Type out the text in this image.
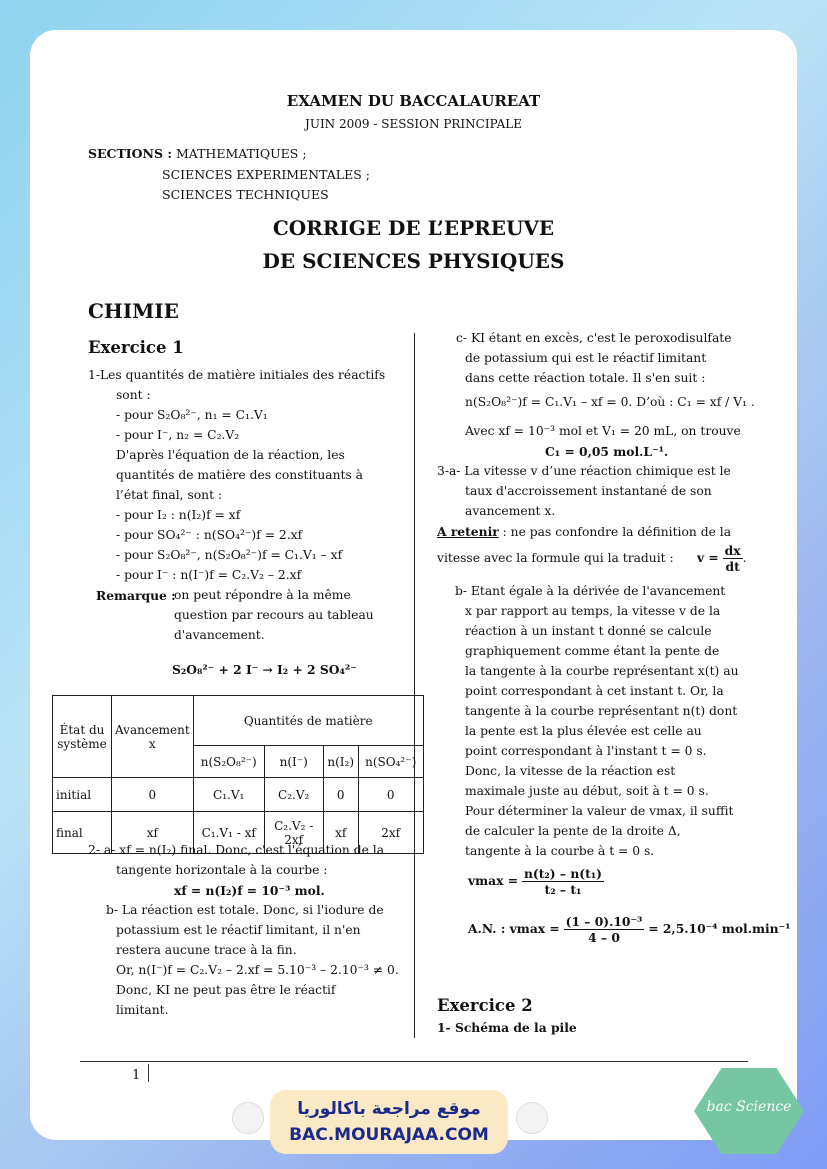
EXAMEN DU BACCALAUREAT
JUIN 2009 - SESSION PRINCIPALE
SECTIONS : MATHEMATIQUES ;
SCIENCES EXPERIMENTALES ;
SCIENCES TECHNIQUES
CORRIGE DE L’EPREUVE
DE SCIENCES PHYSIQUES
CHIMIE
Exercice 1
1-Les quantités de matière initiales des réactifs
sont :
- pour S₂O₈²⁻, n₁ = C₁.V₁
- pour I⁻, n₂ = C₂.V₂
D'après l'équation de la réaction, les
quantités de matière des constituants à
l’état final, sont :
- pour I₂ : n(I₂)f = xf
- pour SO₄²⁻ : n(SO₄²⁻)f = 2.xf
- pour S₂O₈²⁻, n(S₂O₈²⁻)f = C₁.V₁ – xf
- pour I⁻ : n(I⁻)f = C₂.V₂ – 2.xf
Remarque :
on peut répondre à la même
question par recours au tableau
d'avancement.
S₂O₈²⁻ + 2 I⁻ → I₂ + 2 SO₄²⁻
État du système	Avancement x	Quantités de matière			
		n(S₂O₈²⁻)	n(I⁻)	n(I₂)	n(SO₄²⁻)
initial	0	C₁.V₁	C₂.V₂	0	0
final	xf	C₁.V₁ - xf	C₂.V₂ - 2xf	xf	2xf
2- a- xf = n(I₂) final. Donc, c'est l'équation de la
tangente horizontale à la courbe :
xf = n(I₂)f = 10⁻³ mol.
b- La réaction est totale. Donc, si l'iodure de
potassium est le réactif limitant, il n'en
restera aucune trace à la fin.
Or, n(I⁻)f = C₂.V₂ – 2.xf = 5.10⁻³ – 2.10⁻³ ≠ 0.
Donc, KI ne peut pas être le réactif
limitant.
c- KI étant en excès, c'est le peroxodisulfate
de potassium qui est le réactif limitant
dans cette réaction totale. Il s'en suit :
n(S₂O₈²⁻)f = C₁.V₁ – xf = 0. D’où : C₁ = xf / V₁ .
Avec xf = 10⁻³ mol et V₁ = 20 mL, on trouve
C₁ = 0,05 mol.L⁻¹.
3-a- La vitesse v d’une réaction chimique est le
taux d'accroissement instantané de son
avancement x.
A retenir : ne pas confondre la définition de la
vitesse avec la formule qui la traduit : $v = \frac{dx}{dt}$ .
b- Etant égale à la dérivée de l'avancement
x par rapport au temps, la vitesse v de la
réaction à un instant t donné se calcule
graphiquement comme étant la pente de
la tangente à la courbe représentant x(t) au
point correspondant à cet instant t. Or, la
tangente à la courbe représentant n(t) dont
la pente est la plus élevée est celle au
point correspondant à l'instant t = 0 s.
Donc, la vitesse de la réaction est
maximale juste au début, soit à t = 0 s.
Pour déterminer la valeur de vmax, il suffit
de calculer la pente de la droite Δ,
tangente à la courbe à t = 0 s.
$vmax = \frac{\text{n(t₂) – n(t₁)}}{\text{t₂ – t₁}}$
A.N. : $vmax = \frac{\text{(1 – 0).10⁻³}}{4 - 0} = 2,5.10^{-4}$ mol.min⁻¹
Exercice 2
1- Schéma de la pile
1
موقع مراجعة باكالوريا
BAC.MOURAJAA.COM
bac Science
